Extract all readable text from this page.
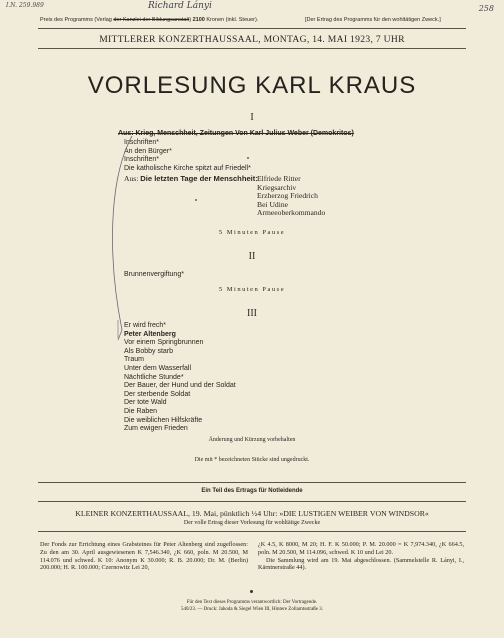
I.N. 259.989	Richard Lányi	258
Preis des Programms (Verlag der Kanzlei der Bildungsanstalt) 2100 Kronen (inkl. Steuer).	[Der Ertrag des Programms für den wohltätigen Zweck.]
MITTLERER KONZERTHAUSSAAL, MONTAG, 14. MAI 1923, 7 UHR
VORLESUNG KARL KRAUS
I
Aus: Krieg, Menschheit, Zeitungen Von Karl Julius Weber (Demokritos)
Inschriften*
An den Bürger*
Inschriften*
Die katholische Kirche spitzt auf Friedell*
Aus: Die letzten Tage der Menschheit: Elfriede Ritter
Kriegsarchiv
Erzherzog Friedrich
Bei Udine
Armeeoberkommando
5 Minuten Pause
II
Brunnenvergiftung*
5 Minuten Pause
III
Er wird frech*
Peter Altenberg
Vor einem Springbrunnen
Als Bobby starb
Traum
Unter dem Wasserfall
Nächtliche Stunde*
Der Bauer, der Hund und der Soldat
Der sterbende Soldat
Der tote Wald
Die Raben
Die weiblichen Hilfskräfte
Zum ewigen Frieden
Änderung und Kürzung vorbehalten
Die mit * bezeichneten Stücke sind ungedruckt.
Ein Teil des Ertrags für Notleidende
KLEINER KONZERTHAUSSAAL, 19. Mai, pünktlich ½4 Uhr: »DIE LUSTIGEN WEIBER VON WINDSOR«
Der volle Ertrag dieser Vorlesung für wohltätige Zwecke

Der Fonds zur Errichtung eines Grabsteines für Peter Altenberg sind zugeflossen: Zu den am 30. April ausgewiesenen K 7,546.340, ¿K 660, poln. M 20.500, M 114.076 und schwed. K 10: Anonym K 30.000; R. B. 20.000; Dr. M. (Berlin) 200.000; H. R. 100.000; Czernowitz Lei 20,

¿K 4.5, K 8000, M 20; H. F. K 50.000; P. M. 20.000 = K 7,974.340, ¿K 664.5, poln. M 20.500, M 114.096, schwed. K 10 und Lei 20.

Die Sammlung wird am 19. Mai abgeschlossen. (Sammelstelle R. Lányi, I., Kärntnerstraße 44).

Für den Text dieses Programms verantwortlich: Der Vortragende.
540/23. — Druck: Jahoda & Siegel Wien III, Hintere Zollamtsstraße 3.
